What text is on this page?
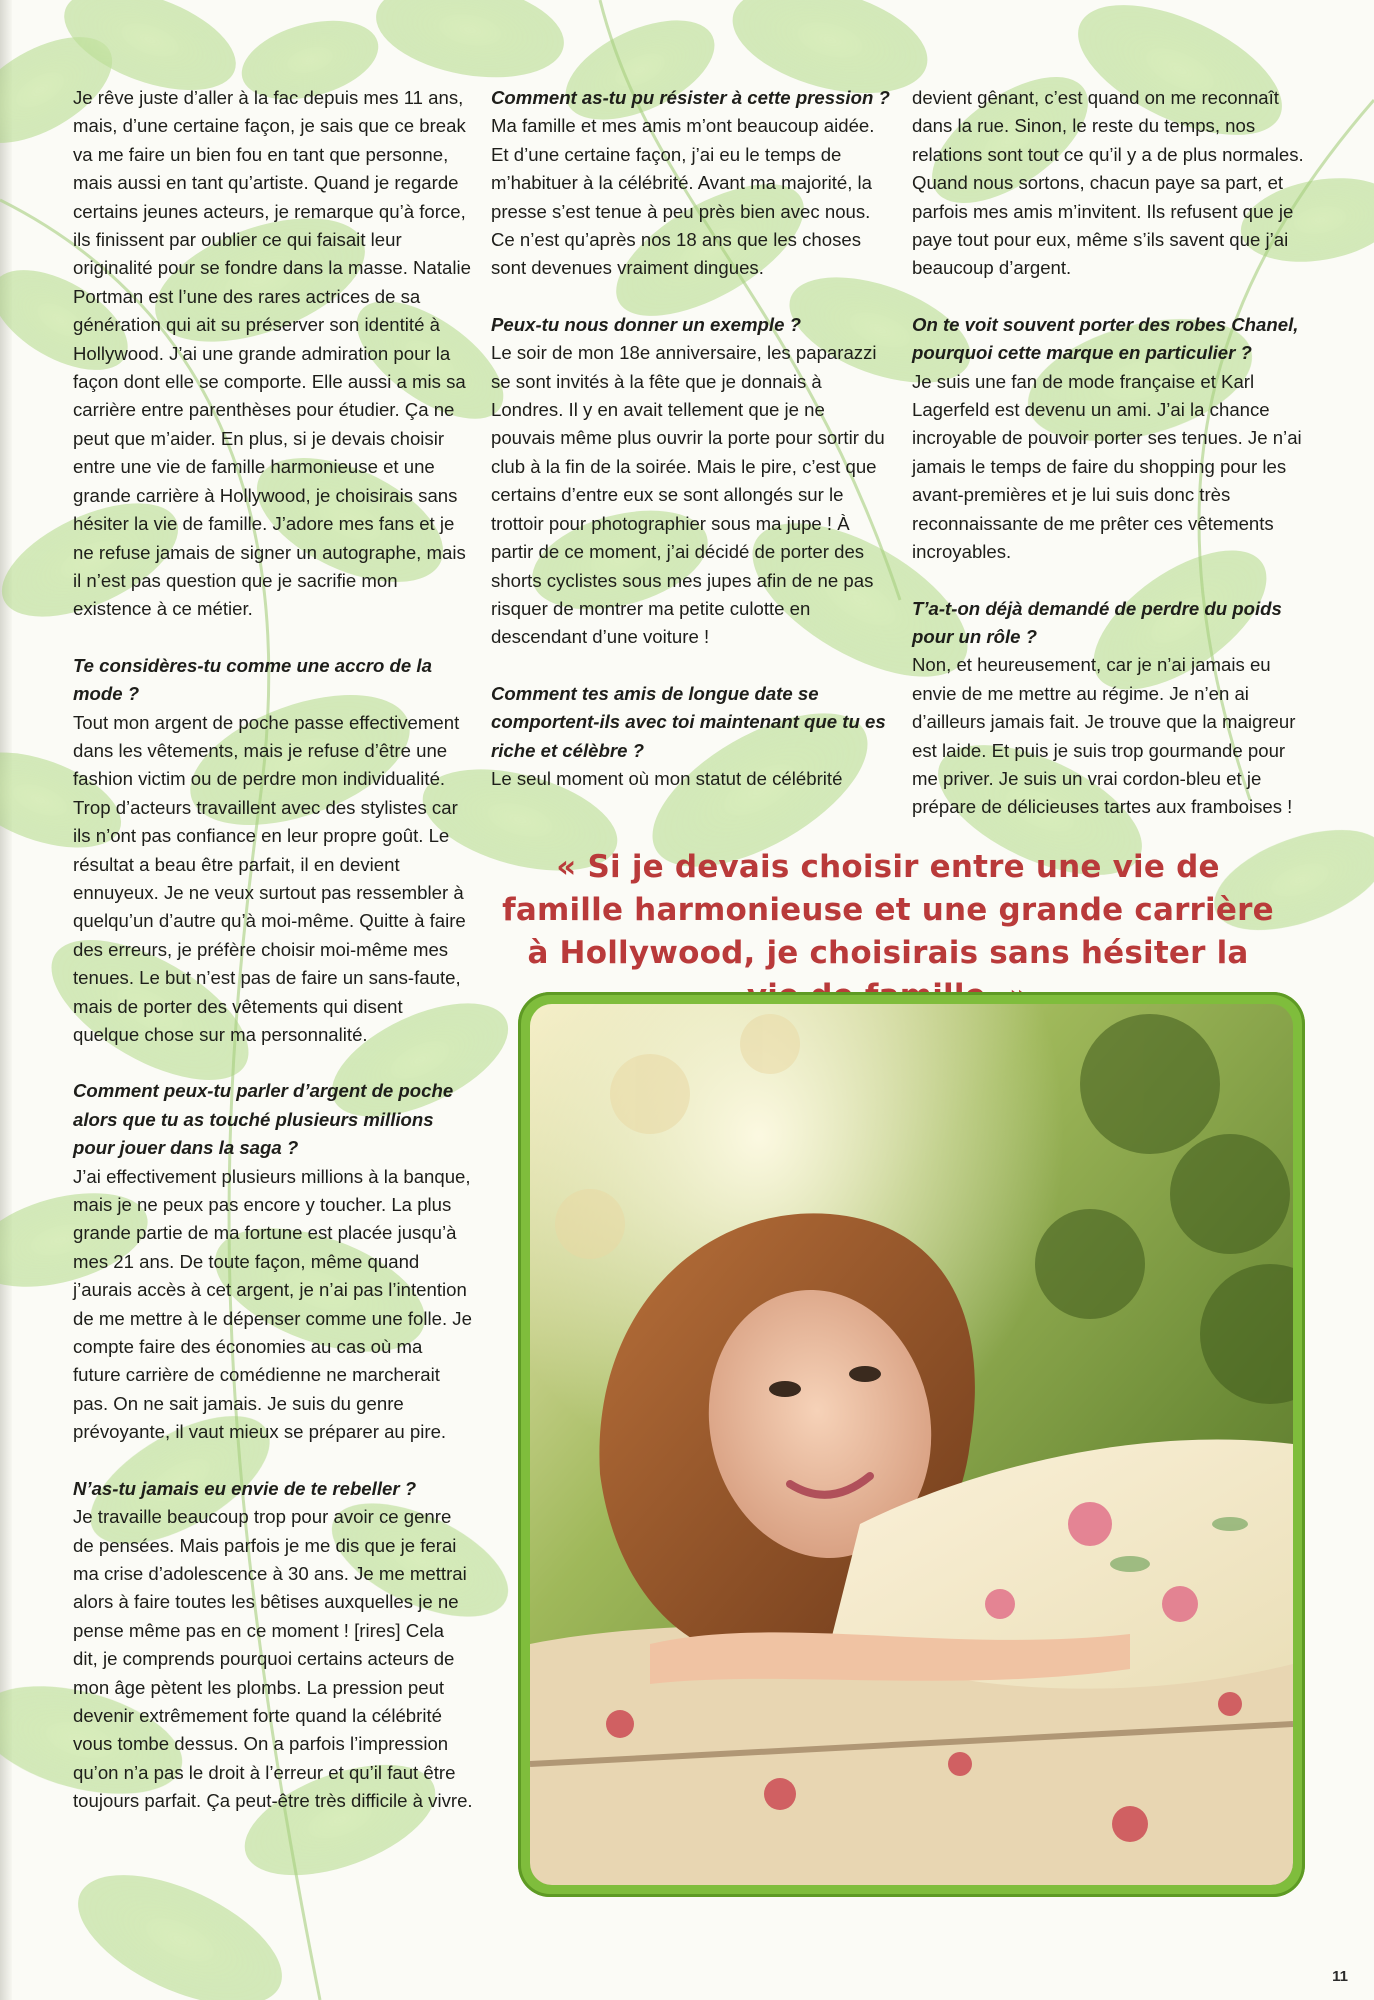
Je rêve juste d’aller à la fac depuis mes 11 ans, mais, d’une certaine façon, je sais que ce break va me faire un bien fou en tant que personne, mais aussi en tant qu’artiste. Quand je regarde certains jeunes acteurs, je remarque qu’à force, ils finissent par oublier ce qui faisait leur originalité pour se fondre dans la masse. Natalie Portman est l’une des rares actrices de sa génération qui ait su préserver son identité à Hollywood. J’ai une grande admiration pour la façon dont elle se comporte. Elle aussi a mis sa carrière entre parenthèses pour étudier. Ça ne peut que m’aider. En plus, si je devais choisir entre une vie de famille harmonieuse et une grande carrière à Hollywood, je choisirais sans hésiter la vie de famille. J’adore mes fans et je ne refuse jamais de signer un autographe, mais il n’est pas question que je sacrifie mon existence à ce métier.

Te considères-tu comme une accro de la mode ?

Tout mon argent de poche passe effectivement dans les vêtements, mais je refuse d’être une fashion victim ou de perdre mon individualité. Trop d’acteurs travaillent avec des stylistes car ils n’ont pas confiance en leur propre goût. Le résultat a beau être parfait, il en devient ennuyeux. Je ne veux surtout pas ressembler à quelqu’un d’autre qu’à moi-même. Quitte à faire des erreurs, je préfère choisir moi-même mes tenues. Le but n’est pas de faire un sans-faute, mais de porter des vêtements qui disent quelque chose sur ma personnalité.

Comment peux-tu parler d’argent de poche alors que tu as touché plusieurs millions pour jouer dans la saga ?

J’ai effectivement plusieurs millions à la banque, mais je ne peux pas encore y toucher. La plus grande partie de ma fortune est placée jusqu’à mes 21 ans. De toute façon, même quand j’aurais accès à cet argent, je n’ai pas l’intention de me mettre à le dépenser comme une folle. Je compte faire des économies au cas où ma future carrière de comédienne ne marcherait pas. On ne sait jamais. Je suis du genre prévoyante, il vaut mieux se préparer au pire.

N’as-tu jamais eu envie de te rebeller ?

Je travaille beaucoup trop pour avoir ce genre de pensées. Mais parfois je me dis que je ferai ma crise d’adolescence à 30 ans. Je me mettrai alors à faire toutes les bêtises auxquelles je ne pense même pas en ce moment ! [rires] Cela dit, je comprends pourquoi certains acteurs de mon âge pètent les plombs. La pression peut devenir extrêmement forte quand la célébrité vous tombe dessus. On a parfois l’impression qu’on n’a pas le droit à l’erreur et qu’il faut être toujours parfait. Ça peut-être très difficile à vivre.

Comment as-tu pu résister à cette pression ?

Ma famille et mes amis m’ont beaucoup aidée. Et d’une certaine façon, j’ai eu le temps de m’habituer à la célébrité. Avant ma majorité, la presse s’est tenue à peu près bien avec nous. Ce n’est qu’après nos 18 ans que les choses sont devenues vraiment dingues.

Peux-tu nous donner un exemple ?

Le soir de mon 18e anniversaire, les paparazzi se sont invités à la fête que je donnais à Londres. Il y en avait tellement que je ne pouvais même plus ouvrir la porte pour sortir du club à la fin de la soirée. Mais le pire, c’est que certains d’entre eux se sont allongés sur le trottoir pour photographier sous ma jupe ! À partir de ce moment, j’ai décidé de porter des shorts cyclistes sous mes jupes afin de ne pas risquer de montrer ma petite culotte en descendant d’une voiture !

Comment tes amis de longue date se comportent-ils avec toi maintenant que tu es riche et célèbre ?

Le seul moment où mon statut de célébrité

devient gênant, c’est quand on me reconnaît dans la rue. Sinon, le reste du temps, nos relations sont tout ce qu’il y a de plus normales. Quand nous sortons, chacun paye sa part, et parfois mes amis m’invitent. Ils refusent que je paye tout pour eux, même s’ils savent que j’ai beaucoup d’argent.

On te voit souvent porter des robes Chanel, pourquoi cette marque en particulier ?

Je suis une fan de mode française et Karl Lagerfeld est devenu un ami. J’ai la chance incroyable de pouvoir porter ses tenues. Je n’ai jamais le temps de faire du shopping pour les avant-premières et je lui suis donc très reconnaissante de me prêter ces vêtements incroyables.

T’a-t-on déjà demandé de perdre du poids pour un rôle ?

Non, et heureusement, car je n’ai jamais eu envie de me mettre au régime. Je n’en ai d’ailleurs jamais fait. Je trouve que la maigreur est laide. Et puis je suis trop gourmande pour me priver. Je suis un vrai cordon-bleu et je prépare de délicieuses tartes aux framboises !

« Si je devais choisir entre une vie de famille harmonieuse et une grande carrière à Hollywood, je choisirais sans hésiter la
11
